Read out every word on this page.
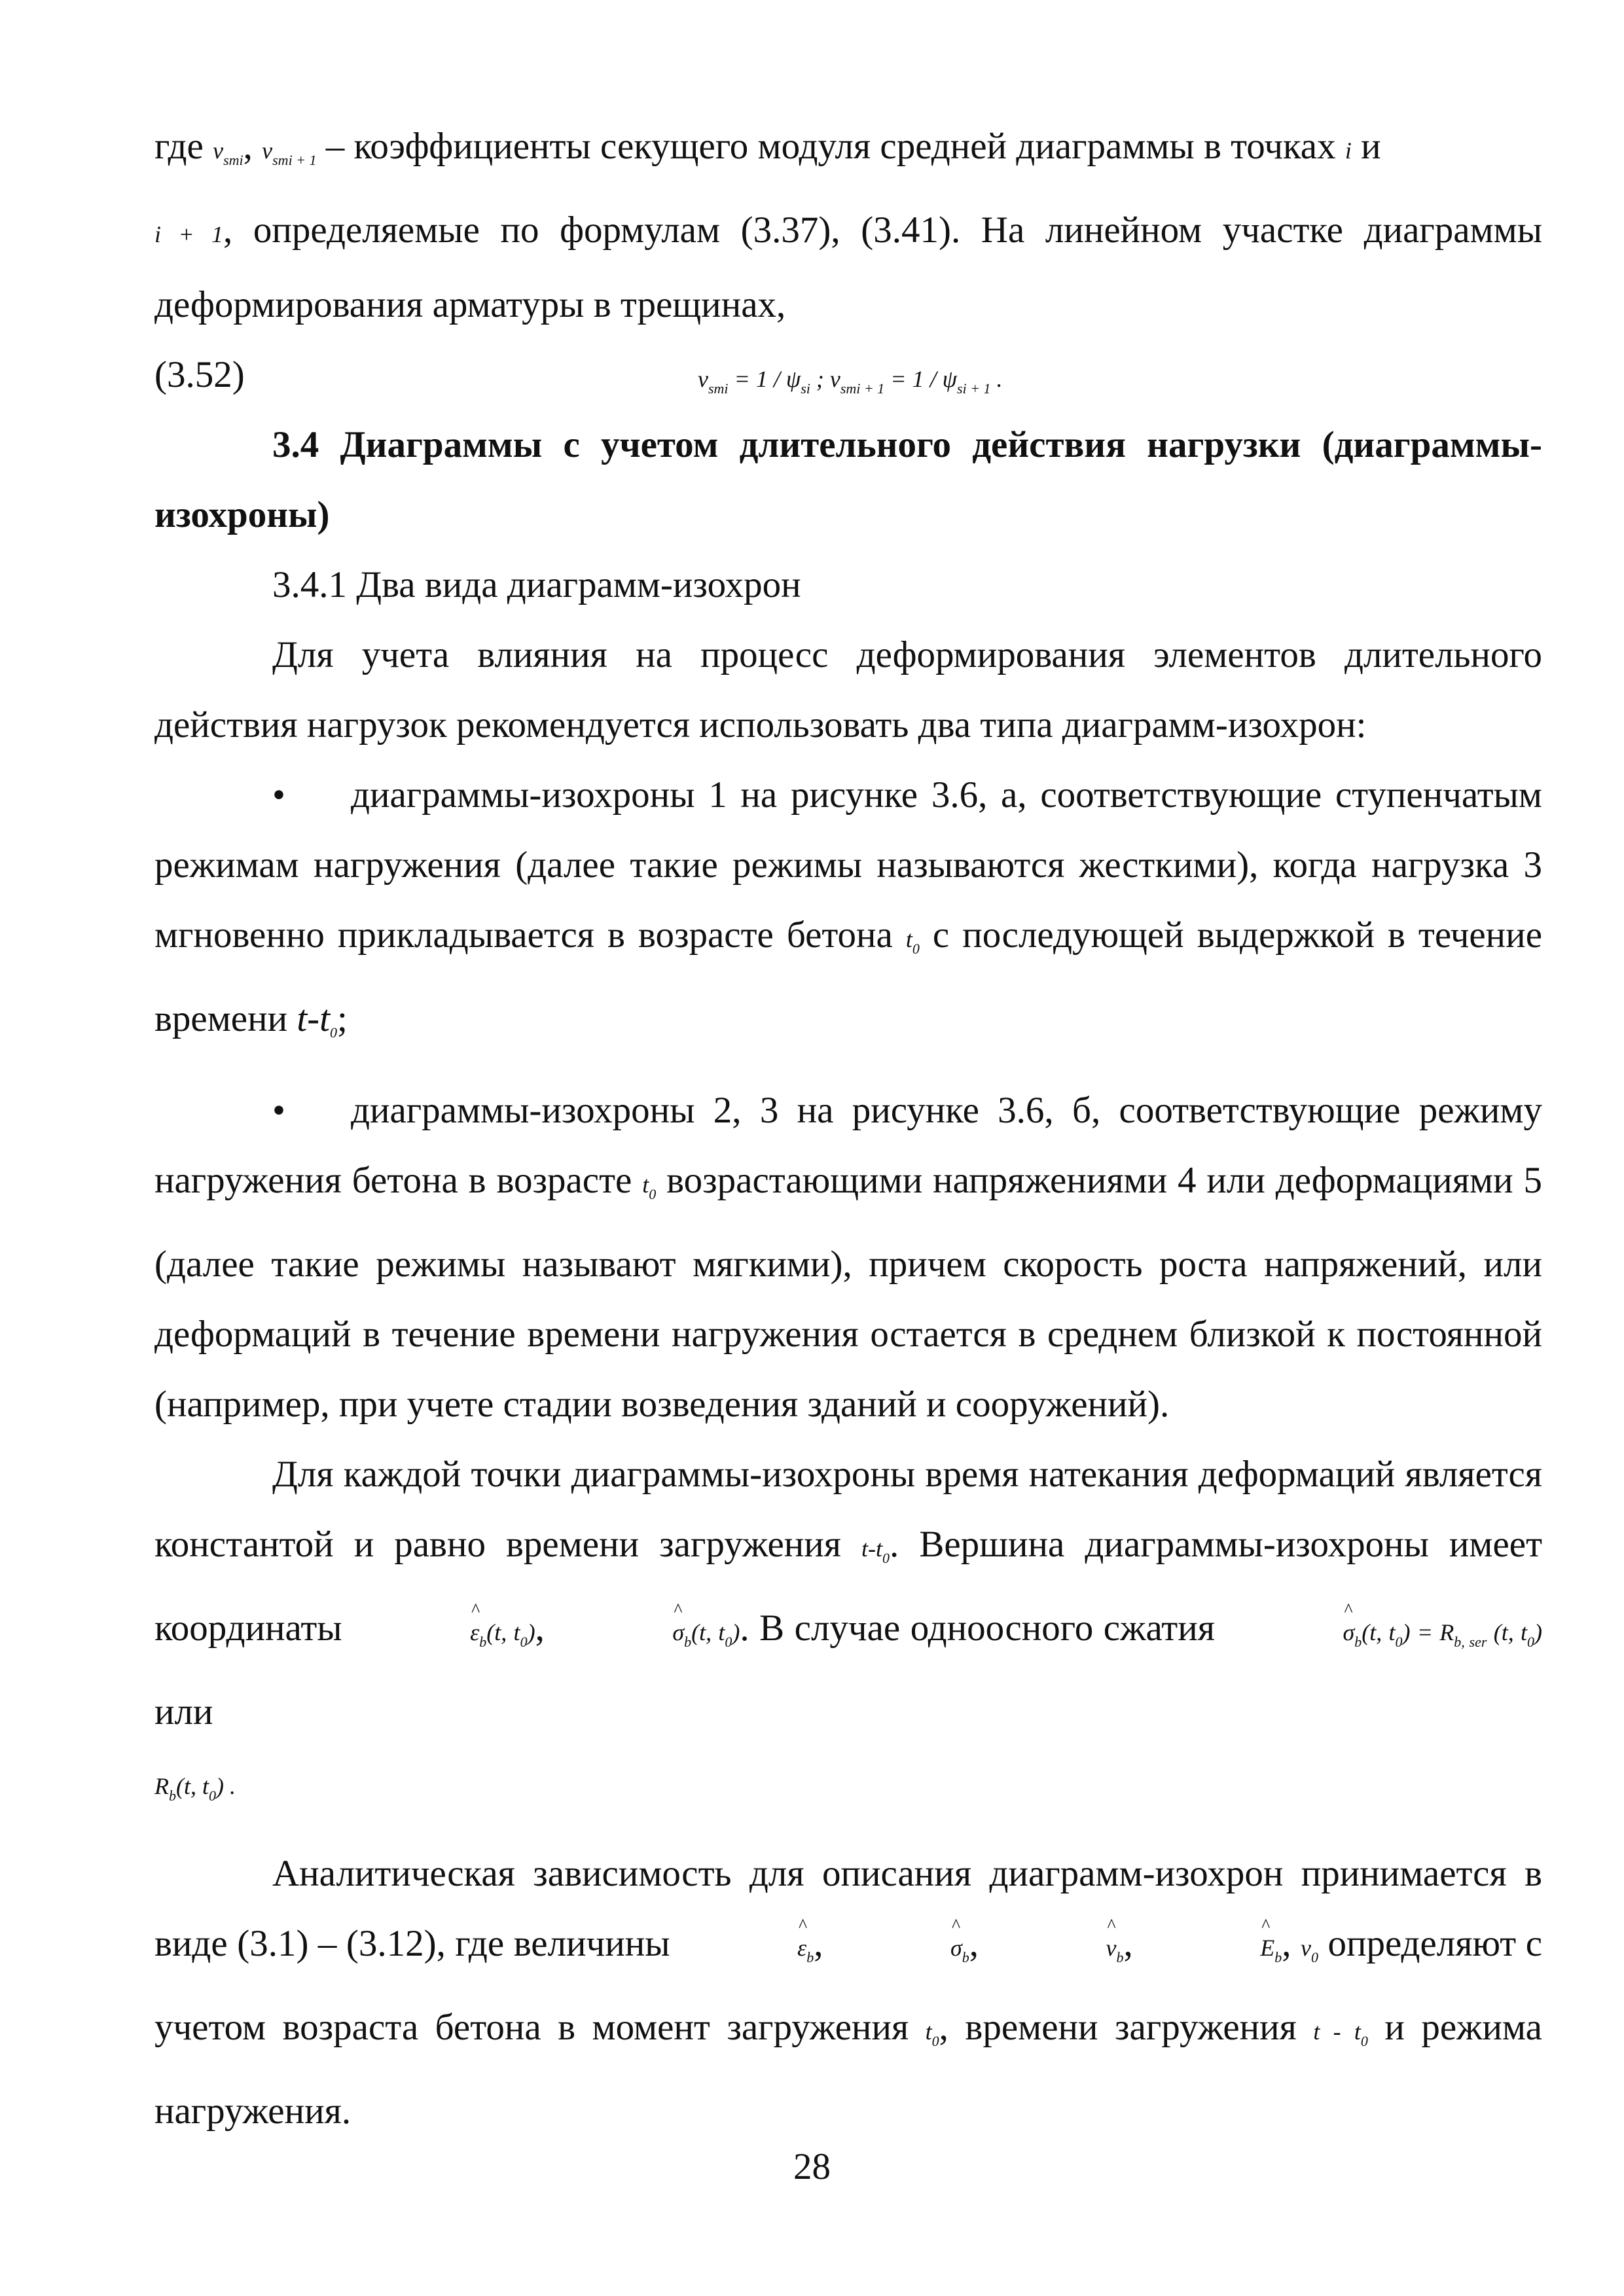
где νsmi, νsmi + 1 – коэффициенты секущего модуля средней диаграммы в точках i и
i + 1, определяемые по формулам (3.37), (3.41). На линейном участке диаграммы деформирования арматуры в трещинах,

νsmi = 1 / ψsi ; νsmi + 1 = 1 / ψsi + 1 .
(3.52)

3.4 Диаграммы с учетом длительного действия нагрузки (диаграммы-изохроны)

3.4.1 Два вида диаграмм-изохрон

Для учета влияния на процесс деформирования элементов длительного действия нагрузок рекомендуется использовать два типа диаграмм-изохрон:

• диаграммы-изохроны 1 на рисунке 3.6, а, соответствующие ступенчатым режимам нагружения (далее такие режимы называются жесткими), когда нагрузка 3 мгновенно прикладывается в возрасте бетона t0 с последующей выдержкой в течение времени t-t0;

• диаграммы-изохроны 2, 3 на рисунке 3.6, б, соответствующие режиму нагружения бетона в возрасте t0 возрастающими напряжениями 4 или деформациями 5 (далее такие режимы называют мягкими), причем скорость роста напряжений, или деформаций в течение времени нагружения остается в среднем близкой к постоянной (например, при учете стадии возведения зданий и сооружений).

Для каждой точки диаграммы-изохроны время натекания деформаций является константой и равно времени загружения t-t0. Вершина диаграммы-изохроны имеет координаты	^ εb(t, t0),	^ σb(t, t0). В случае одноосного сжатия	^ σb(t, t0) = Rb, ser (t, t0) или
Rb(t, t0) .

Аналитическая зависимость для описания диаграмм-изохрон принимается в виде (3.1) – (3.12), где величины	^ εb,	^ σb,	^ νb,	^ Eb, ν0 определяют с учетом возраста бетона в момент загружения t0, времени загружения t - t0 и режима нагружения.

28
